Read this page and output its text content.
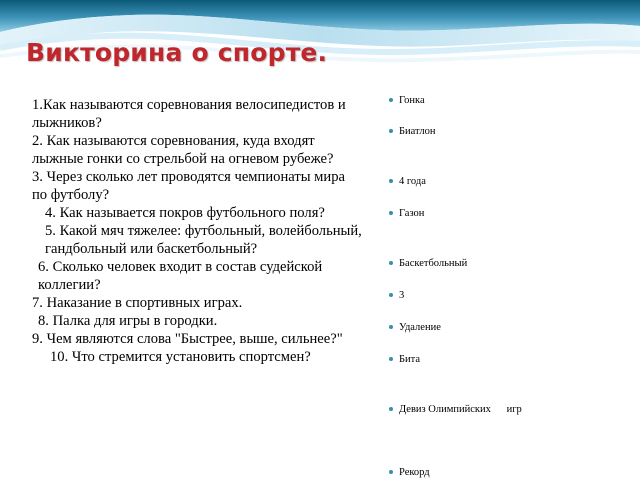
Викторина о спорте.
1.Как называются соревнования велосипедистов и лыжников?
2. Как называются соревнования, куда входят лыжные гонки со стрельбой на огневом рубеже?
3. Через сколько лет проводятся чемпионаты мира по футболу?
4. Как называется покров футбольного поля?
5. Какой мяч тяжелее: футбольный, волейбольный, гандбольный или баскетбольный?
6. Сколько человек входит в состав судейской коллегии?
7. Наказание в спортивных играх.
8. Палка для игры в городки.
9. Чем являются слова "Быстрее, выше, сильнее?"
10. Что стремится установить спортсмен?
Гонка
Биатлон
4 года
Газон
Баскетбольный
3
Удаление
Бита
Девиз Олимпийских      игр
Рекорд
